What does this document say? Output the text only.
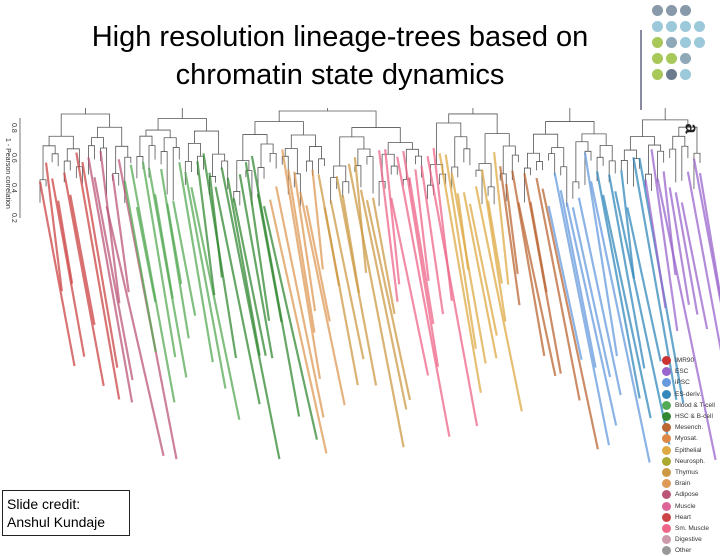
High resolution lineage-trees based on chromatin state dynamics
0.8
0.6
0.4
0.2
1 - Pearson correlation
a
IMR90
ESC
iPSC
ES-deriv.
Blood & T-cell
HSC & B-cell
Mesench.
Myosat.
Epithelial
Neurosph.
Thymus
Brain
Adipose
Muscle
Heart
Sm. Muscle
Digestive
Other
Slide credit: Anshul Kundaje
